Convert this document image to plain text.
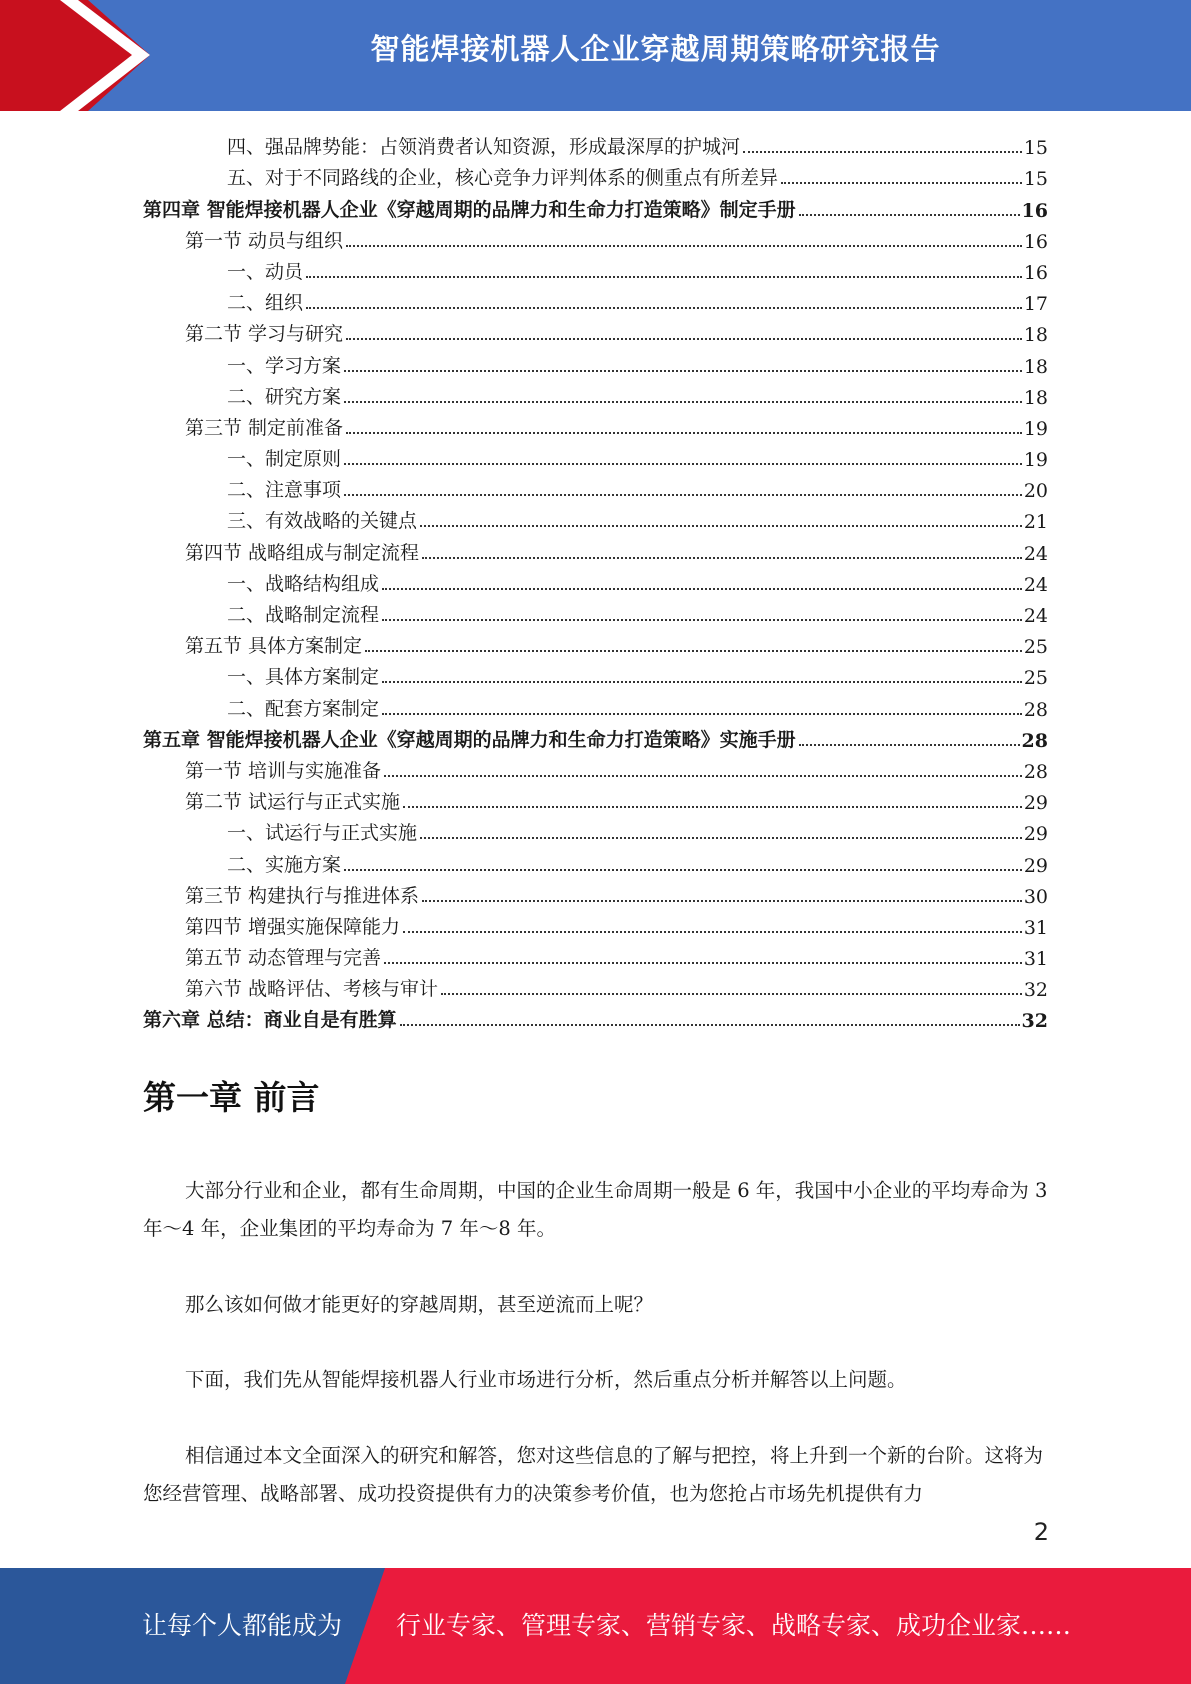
智能焊接机器人企业穿越周期策略研究报告
四、强品牌势能：占领消费者认知资源，形成最深厚的护城河	15
五、对于不同路线的企业，核心竞争力评判体系的侧重点有所差异	15
第四章 智能焊接机器人企业《穿越周期的品牌力和生命力打造策略》制定手册	16
第一节 动员与组织	16
一、动员	16
二、组织	17
第二节 学习与研究	18
一、学习方案	18
二、研究方案	18
第三节 制定前准备	19
一、制定原则	19
二、注意事项	20
三、有效战略的关键点	21
第四节 战略组成与制定流程	24
一、战略结构组成	24
二、战略制定流程	24
第五节 具体方案制定	25
一、具体方案制定	25
二、配套方案制定	28
第五章 智能焊接机器人企业《穿越周期的品牌力和生命力打造策略》实施手册	28
第一节 培训与实施准备	28
第二节 试运行与正式实施	29
一、试运行与正式实施	29
二、实施方案	29
第三节 构建执行与推进体系	30
第四节 增强实施保障能力	31
第五节 动态管理与完善	31
第六节 战略评估、考核与审计	32
第六章 总结：商业自是有胜算	32
第一章 前言

大部分行业和企业，都有生命周期，中国的企业生命周期一般是 6 年，我国中小企业的平均寿命为 3 年～4 年，企业集团的平均寿命为 7 年～8 年。

那么该如何做才能更好的穿越周期，甚至逆流而上呢？

下面，我们先从智能焊接机器人行业市场进行分析，然后重点分析并解答以上问题。

相信通过本文全面深入的研究和解答，您对这些信息的了解与把控，将上升到一个新的台阶。这将为您经营管理、战略部署、成功投资提供有力的决策参考价值，也为您抢占市场先机提供有力

2
让每个人都能成为 行业专家、管理专家、营销专家、战略专家、成功企业家……
